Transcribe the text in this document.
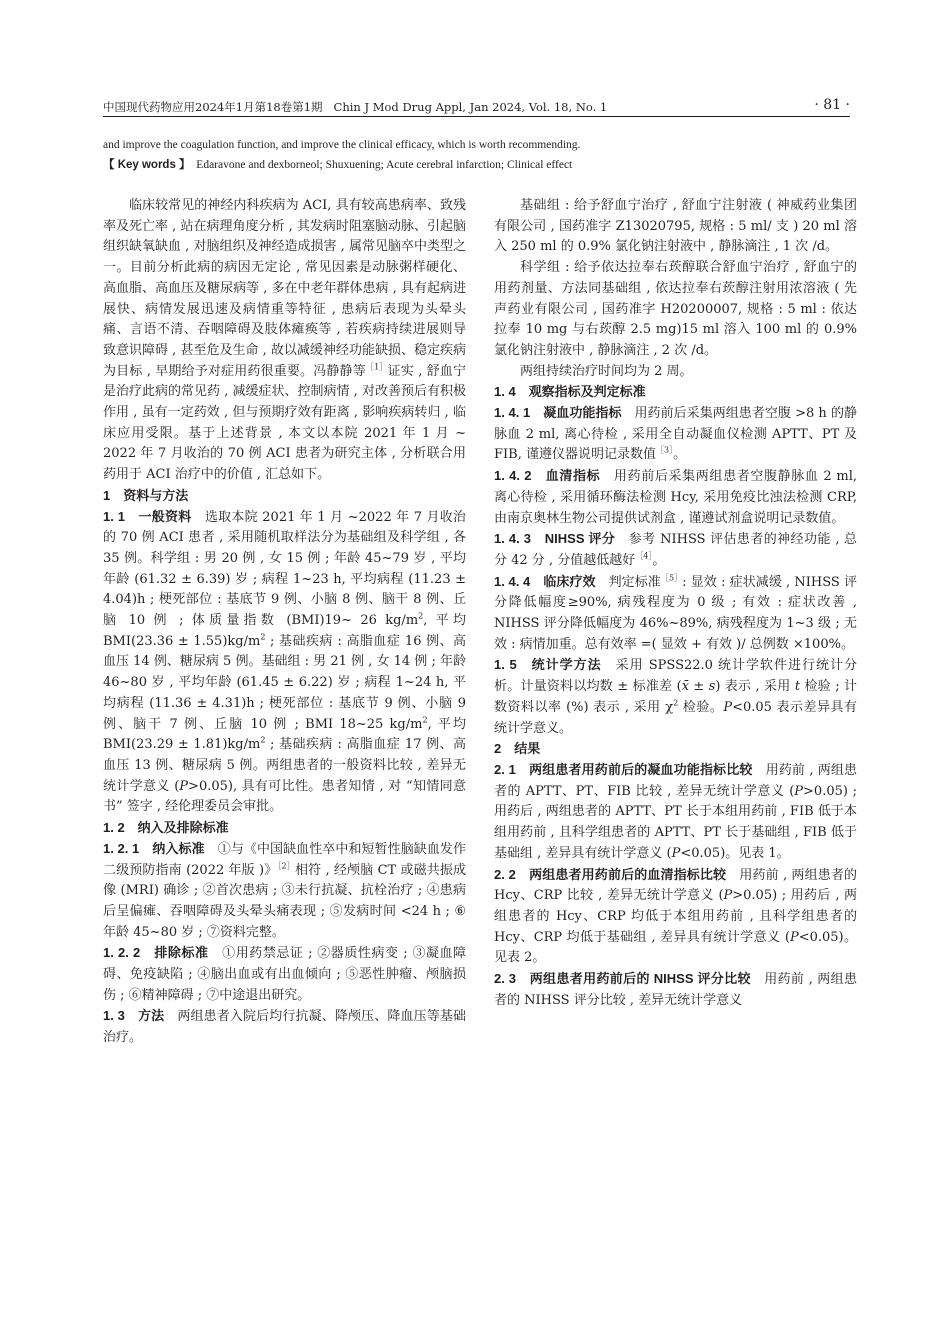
中国现代药物应用2024年1月第18卷第1期 Chin J Mod Drug Appl, Jan 2024, Vol. 18, No. 1	· 81 ·
and improve the coagulation function, and improve the clinical efficacy, which is worth recommending.
【 Key words 】 Edaravone and dexborneol; Shuxuening; Acute cerebral infarction; Clinical effect

临床较常见的神经内科疾病为 ACI, 具有较高患病率、致残率及死亡率 , 站在病理角度分析 , 其发病时阻塞脑动脉、引起脑组织缺氧缺血 , 对脑组织及神经造成损害 , 属常见脑卒中类型之一。目前分析此病的病因无定论 , 常见因素是动脉粥样硬化、高血脂、高血压及糖尿病等 , 多在中老年群体患病 , 具有起病进展快、病情发展迅速及病情重等特征 , 患病后表现为头晕头痛、言语不清、吞咽障碍及肢体瘫痪等 , 若疾病持续进展则导致意识障碍 , 甚至危及生命 , 故以减缓神经功能缺损、稳定疾病为目标 , 早期给予对症用药很重要。冯静静等$^{[1]}$证实 , 舒血宁是治疗此病的常见药 , 减缓症状、控制病情 , 对改善预后有积极作用 , 虽有一定药效 , 但与预期疗效有距离 , 影响疾病转归 , 临床应用受限。基于上述背景 , 本文以本院 2021 年 1 月 ~ 2022 年 7 月收治的 70 例 ACI 患者为研究主体 , 分析联合用药用于 ACI 治疗中的价值 , 汇总如下。

1　资料与方法

1. 1　一般资料 选取本院 2021 年 1 月 ~2022 年 7 月收治的 70 例 ACI 患者 , 采用随机取样法分为基础组及科学组 , 各 35 例。科学组 : 男 20 例 , 女 15 例 ; 年龄 45~79 岁 , 平均年龄 (61.32 ± 6.39) 岁 ; 病程 1~23 h, 平均病程 (11.23 ± 4.04)h ; 梗死部位 : 基底节 9 例、小脑 8 例、脑干 8 例、丘脑 10 例 ; 体质量指数 (BMI)19~ 26 $kg/m^2$, 平均 $BMI(23.36 \pm 1.55)kg/m^2$ ; 基础疾病 : 高脂血症 16 例、高血压 14 例、糖尿病 5 例。基础组 : 男 21 例 , 女 14 例 ; 年龄 46~80 岁 , 平均年龄 (61.45 ± 6.22) 岁 ; 病程 1~24 h, 平均病程 (11.36 ± 4.31)h ; 梗死部位 : 基底节 9 例、小脑 9 例、脑干 7 例、丘脑 10 例 ; BMI 18~25 $kg/m^2$, 平均 $BMI(23.29 \pm 1.81)kg/m^2$ ; 基础疾病 : 高脂血症 17 例、高血压 13 例、糖尿病 5 例。两组患者的一般资料比较 , 差异无统计学意义 (P>0.05), 具有可比性。患者知情 , 对 “知情同意书” 签字 , 经伦理委员会审批。

1. 2　纳入及排除标准

1. 2. 1　纳入标准 ①与《中国缺血性卒中和短暂性脑缺血发作二级预防指南 (2022 年版 )》$^{[2]}$相符 , 经颅脑 CT 或磁共振成像 (MRI) 确诊 ; ②首次患病 ; ③未行抗凝、抗栓治疗 ; ④患病后呈偏瘫、吞咽障碍及头晕头痛表现 ; ⑤发病时间 <24 h ; ⑥年龄 45~80 岁 ; ⑦资料完整。

1. 2. 2　排除标准 ①用药禁忌证 ; ②器质性病变 ; ③凝血障碍、免疫缺陷 ; ④脑出血或有出血倾向 ; ⑤恶性肿瘤、颅脑损伤 ; ⑥精神障碍 ; ⑦中途退出研究。

1. 3　方法 两组患者入院后均行抗凝、降颅压、降血压等基础治疗。

基础组 : 给予舒血宁治疗 , 舒血宁注射液 ( 神威药业集团有限公司 , 国药准字 Z13020795, 规格 : 5 ml/ 支 ) 20 ml 溶入 250 ml 的 0.9% 氯化钠注射液中 , 静脉滴注 , 1 次 /d。

科学组 : 给予依达拉奉右莰醇联合舒血宁治疗 , 舒血宁的用药剂量、方法同基础组 , 依达拉奉右莰醇注射用浓溶液 ( 先声药业有限公司 , 国药准字 H20200007, 规格 : 5 ml : 依达拉奉 10 mg 与右莰醇 2.5 mg)15 ml 溶入 100 ml 的 0.9% 氯化钠注射液中 , 静脉滴注 , 2 次 /d。

两组持续治疗时间均为 2 周。

1. 4　观察指标及判定标准

1. 4. 1　凝血功能指标 用药前后采集两组患者空腹 >8 h 的静脉血 2 ml, 离心待检 , 采用全自动凝血仪检测 APTT、PT 及 FIB, 谨遵仪器说明记录数值$^{[3]}$。

1. 4. 2　血清指标 用药前后采集两组患者空腹静脉血 2 ml, 离心待检 , 采用循环酶法检测 Hcy, 采用免疫比浊法检测 CRP, 由南京奥林生物公司提供试剂盒 , 谨遵试剂盒说明记录数值。

1. 4. 3　NIHSS 评分 参考 NIHSS 评估患者的神经功能 , 总分 42 分 , 分值越低越好$^{[4]}$。

1. 4. 4　临床疗效 判定标准$^{[5]}$: 显效 : 症状减缓 , NIHSS 评分降低幅度≥90%, 病残程度为 0 级 ; 有效 : 症状改善 , NIHSS 评分降低幅度为 46%~89%, 病残程度为 1~3 级 ; 无效 : 病情加重。总有效率 =( 显效 + 有效 )/ 总例数 ×100%。

1. 5　统计学方法 采用 SPSS22.0 统计学软件进行统计分析。计量资料以均数 ± 标准差 (x̄ ± s) 表示 , 采用 t 检验 ; 计数资料以率 (%) 表示 , 采用 $\chi^2$ 检验。P<0.05 表示差异具有统计学意义。

2　结果

2. 1　两组患者用药前后的凝血功能指标比较 用药前 , 两组患者的 APTT、PT、FIB 比较 , 差异无统计学意义 (P>0.05) ; 用药后 , 两组患者的 APTT、PT 长于本组用药前 , FIB 低于本组用药前 , 且科学组患者的 APTT、PT 长于基础组 , FIB 低于基础组 , 差异具有统计学意义 (P<0.05)。见表 1。

2. 2　两组患者用药前后的血清指标比较 用药前 , 两组患者的 Hcy、CRP 比较 , 差异无统计学意义 (P>0.05) ; 用药后 , 两组患者的 Hcy、CRP 均低于本组用药前 , 且科学组患者的 Hcy、CRP 均低于基础组 , 差异具有统计学意义 (P<0.05)。见表 2。

2. 3　两组患者用药前后的 NIHSS 评分比较 用药前 , 两组患者的 NIHSS 评分比较 , 差异无统计学意义
